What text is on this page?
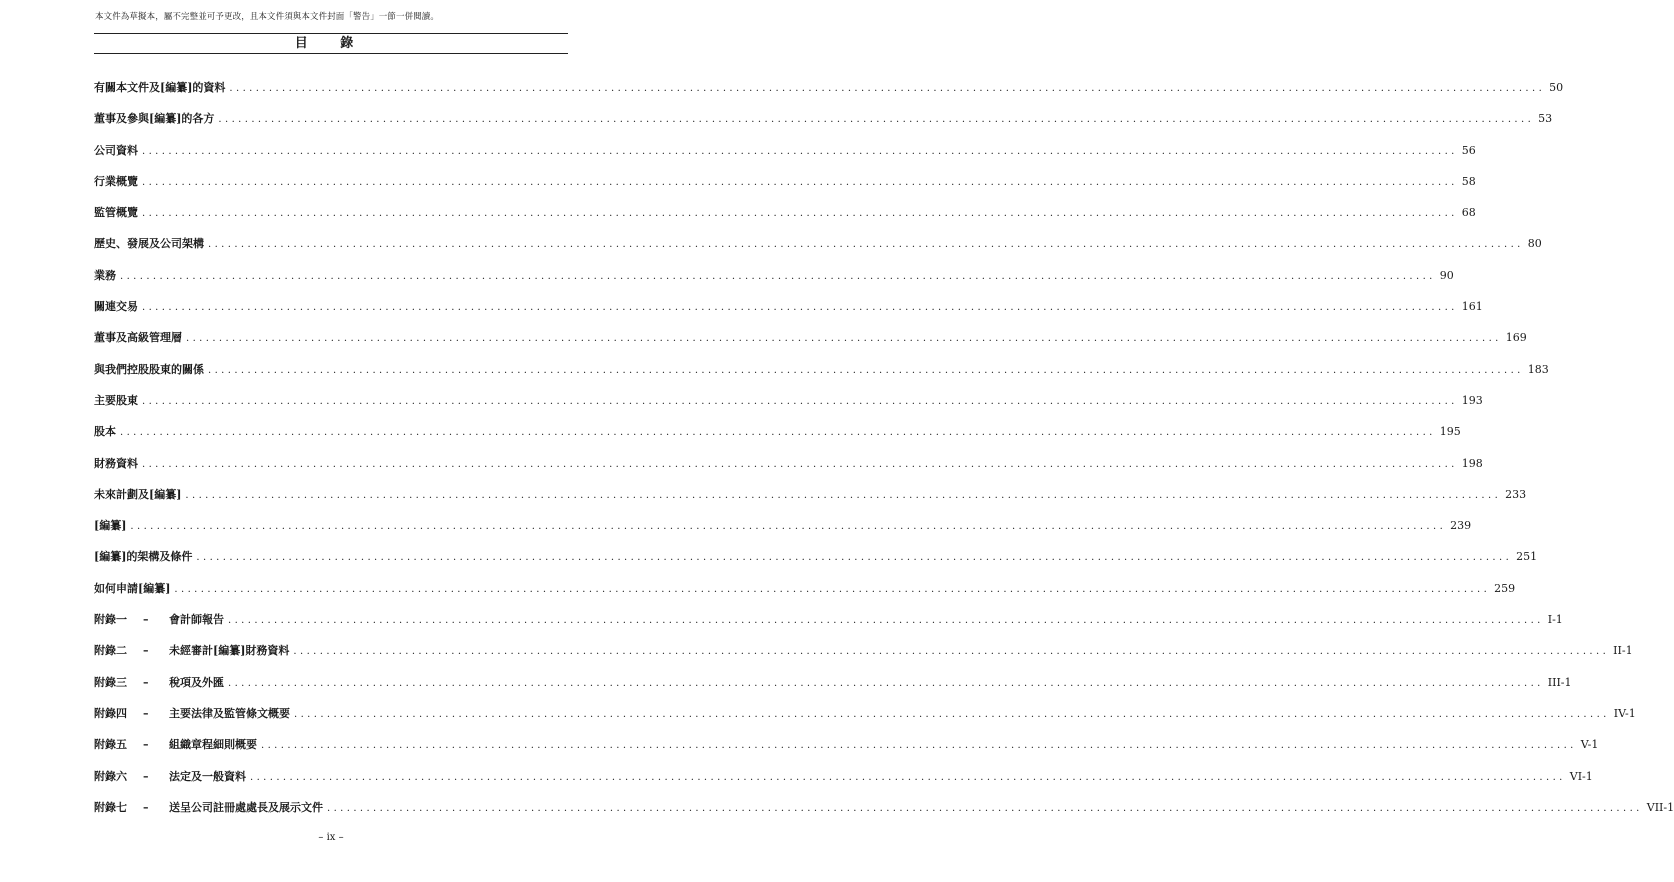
本文件為草擬本，屬不完整並可予更改，且本文件須與本文件封面「警告」一節一併閱讀。
目 錄
有關本文件及[編纂]的資料 ........................................................................................................................................................................................................ 50
董事及參與[編纂]的各方 ........................................................................................................................................................................................................ 53
公司資料 ........................................................................................................................................................................................................ 56
行業概覽 ........................................................................................................................................................................................................ 58
監管概覽 ........................................................................................................................................................................................................ 68
歷史、發展及公司架構 ........................................................................................................................................................................................................ 80
業務 ........................................................................................................................................................................................................ 90
關連交易 ........................................................................................................................................................................................................ 161
董事及高級管理層 ........................................................................................................................................................................................................ 169
與我們控股股東的關係 ........................................................................................................................................................................................................ 183
主要股東 ........................................................................................................................................................................................................ 193
股本 ........................................................................................................................................................................................................ 195
財務資料 ........................................................................................................................................................................................................ 198
未來計劃及[編纂] ........................................................................................................................................................................................................ 233
[編纂] ........................................................................................................................................................................................................ 239
[編纂]的架構及條件 ........................................................................................................................................................................................................ 251
如何申請[編纂] ........................................................................................................................................................................................................ 259
附錄一	–	會計師報告 ........................................................................................................................................................................................................ I-1
附錄二	–	未經審計[編纂]財務資料 ........................................................................................................................................................................................................ II-1
附錄三	–	稅項及外匯 ........................................................................................................................................................................................................ III-1
附錄四	–	主要法律及監管條文概要 ........................................................................................................................................................................................................ IV-1
附錄五	–	組織章程細則概要 ........................................................................................................................................................................................................ V-1
附錄六	–	法定及一般資料 ........................................................................................................................................................................................................ VI-1
附錄七	–	送呈公司註冊處處長及展示文件 ........................................................................................................................................................................................................ VII-1
– ix –
